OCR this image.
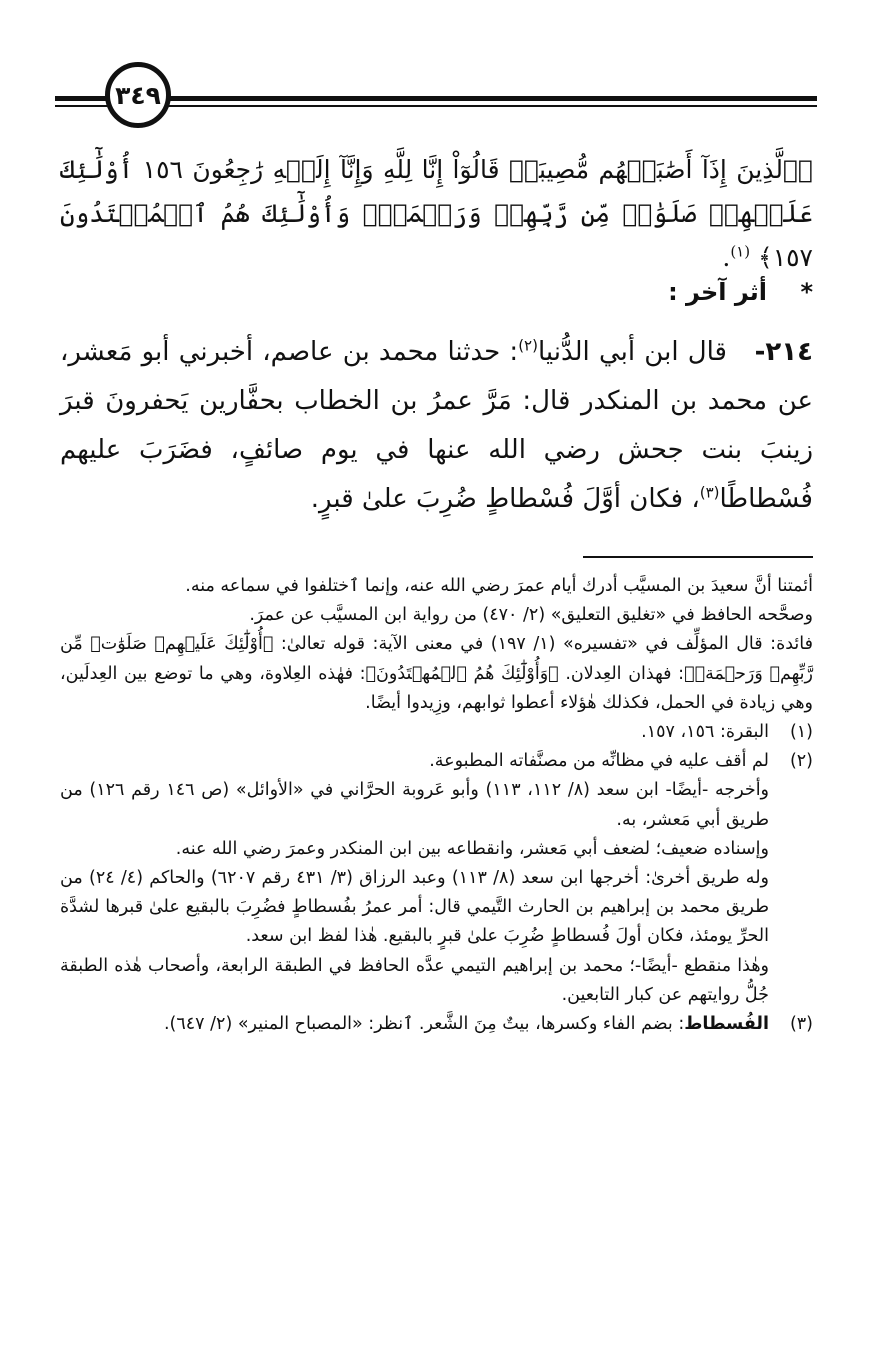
٣٤٩
﴿ٱلَّذِينَ إِذَآ أَصَٰبَتۡهُم مُّصِيبَةٞ قَالُوٓاْ إِنَّا لِلَّهِ وَإِنَّآ إِلَيۡهِ رَٰجِعُونَ ١٥٦ أُوْلَٰٓئِكَ عَلَيۡهِمۡ صَلَوَٰتٞ مِّن رَّبِّهِمۡ وَرَحۡمَةٞۖ وَأُوْلَٰٓئِكَ هُمُ ٱلۡمُهۡتَدُونَ ١٥٧﴾ $^{(١)}$.
*    أثر آخر :
٢١٤-   قال ابن أبي الدُّنيا$^{(٢)}$: حدثنا محمد بن عاصم، أخبرني أبو مَعشر، عن محمد بن المنكدر قال: مَرَّ عمرُ بن الخطاب بحفَّارين يَحفرونَ قبرَ زينبَ بنت جحش رضي الله عنها في يوم صائفٍ، فضَرَبَ عليهم فُسْطاطًا$^{(٣)}$، فكان أوَّلَ فُسْطاطٍ ضُرِبَ علىٰ قبرٍ.
أئمتنا أنَّ سعيدَ بن المسيَّب أدرك أيام عمرَ رضي الله عنه، وإنما ٱختلفوا في سماعه منه.
وصحَّحه الحافظ في «تغليق التعليق» (٢/ ٤٧٠) من رواية ابن المسيَّب عن عمرَ.
فائدة: قال المؤلِّف في «تفسيره» (١/ ١٩٧) في معنى الآية: قوله تعالىٰ: ﴿أُوْلَٰٓئِكَ عَلَيۡهِمۡ صَلَوَٰتٞ مِّن رَّبِّهِمۡ وَرَحۡمَةٞ﴾: فهذان العِدلان. ﴿وَأُوْلَٰٓئِكَ هُمُ ٱلۡمُهۡتَدُونَ﴾: فهٰذه العِلاوة، وهي ما توضع بين العِدلَين، وهي زيادة في الحمل، فكذلك هٰؤلاء أعطوا ثوابهم، وزِيدوا أيضًا.
(١)
البقرة: ١٥٦، ١٥٧.
(٢)
لم أقف عليه في مظانِّه من مصنَّفاته المطبوعة.
وأخرجه -أيضًا- ابن سعد (٨/ ١١٢، ١١٣) وأبو عَروبة الحرَّاني في «الأوائل» (ص ١٤٦ رقم ١٢٦) من طريق أبي مَعشر، به.
وإسناده ضعيف؛ لضعف أبي مَعشر، وانقطاعه بين ابن المنكدر وعمرَ رضي الله عنه.
وله طريق أخرىٰ: أخرجها ابن سعد (٨/ ١١٣) وعبد الرزاق (٣/ ٤٣١ رقم ٦٢٠٧) والحاكم (٤/ ٢٤) من طريق محمد بن إبراهيم بن الحارث التَّيمي قال: أمر عمرُ بفُسطاطٍ فضُرِبَ بالبقيع علىٰ قبرها لشدَّة الحرِّ يومئذ، فكان أولَ فُسطاطٍ ضُرِبَ علىٰ قبرٍ بالبقيع. هٰذا لفظ ابن سعد.
وهٰذا منقطع -أيضًا-؛ محمد بن إبراهيم التيمي عدَّه الحافظ في الطبقة الرابعة، وأصحاب هٰذه الطبقة جُلُّ روايتهم عن كبار التابعين.
(٣)
الفُسطاط: بضم الفاء وكسرها، بيتٌ مِنَ الشَّعر. ٱنظر: «المصباح المنير» (٢/ ٦٤٧).
